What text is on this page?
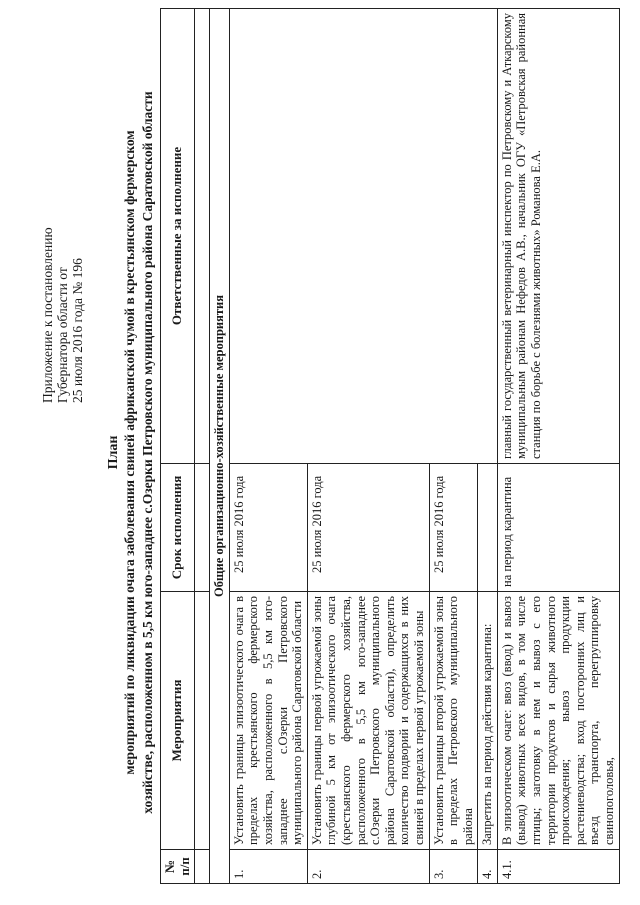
Приложение к постановлению Губернатора области от 25 июля 2016 года № 196
План мероприятий по ликвидации очага заболевания свиней африканской чумой в крестьянском фермерском хозяйстве, расположенном в 5,5 км юго-западнее с.Озерки Петровского муниципального района Саратовской области
№ п/п	Мероприятия	Срок исполнения	Ответственные за исполнение

Общие организационно-хозяйственные мероприятия			
1.	Установить границы эпизоотического очага в пределах крестьянского фермерского хозяйства, расположенного в 5,5 км юго-западнее с.Озерки Петровского муниципального района Саратовской области	25 июля 2016 года	
2.	Установить границы первой угрожаемой зоны глубиной 5 км от эпизоотического очага (крестьянского фермерского хозяйства, расположенного в 5,5 км юго-западнее с.Озерки Петровского муниципального района Саратовской области), определить количество подворий и содержащихся в них свиней в пределах первой угрожаемой зоны	25 июля 2016 года	
3.	Установить границы второй угрожаемой зоны в пределах Петровского муниципального района	25 июля 2016 года	
4.	Запретить на период действия карантина:		
4.1.	В эпизоотическом очаге: ввоз (ввод) и вывоз (вывод) животных всех видов, в том числе птицы; заготовку в нем и вывоз с его территории продуктов и сырья животного происхождения; вывоз продукции растениеводства; вход посторонних лиц и въезд транспорта, перегруппировку свинопоголовья,	на период карантина	главный государственный ветеринарный инспектор по Петровскому и Аткарскому муниципальным районам Нефедов А.В., начальник ОГУ «Петровская районная станция по борьбе с болезнями животных» Романова Е.А.
